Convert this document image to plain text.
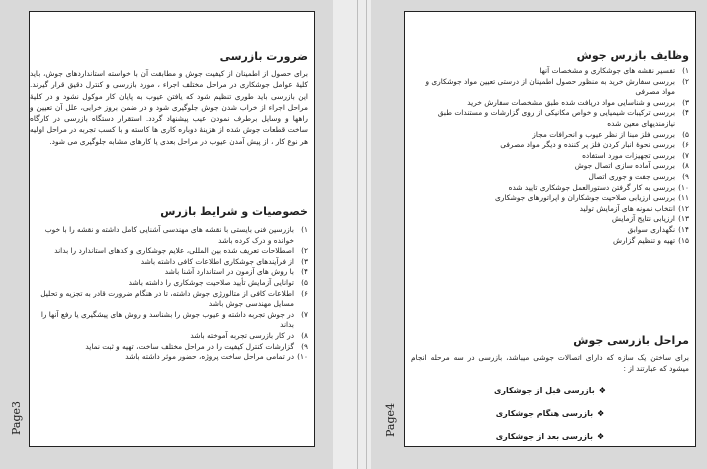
Page3
ضرورت بازرسی

برای حصول از اطمینان از کیفیت جوش و مطابقت آن با خواسته استانداردهای جوش، باید کلیهٔ عوامل جوشکاری در مراحل مختلف اجراء ، مورد بازرسی و کنترل دقیق قرار گیرند. این بازرسی باید طوری تنظیم شود که یافتن عیوب به پایان کار موکول نشود و در کلیهٔ مراحل اجراء از خراب شدن جوش جلوگیری شود و در ضمن بروز خرابی، علل آن تعیین و راهها و وسایل برطرف نمودن عیب پیشنهاد گردد. استقرار دستگاه بازرسی در کارگاه ساخت قطعات جوش شده از هزینهٔ دوباره کاری ها کاسته و با کسب تجربه در مراحل اولیه هر نوع کار ، از پیش آمدن عیوب در مراحل بعدی یا کارهای مشابه جلوگیری می شود.

خصوصیات و شرایط بازرس
۱)
بازرسین فنی بایستی با نقشه های مهندسی آشنایی کامل داشته و نقشه را با خوب خوانده و درک کرده باشد
۲)
اصطلاحات تعریف شده بین المللی، علایم جوشکاری و کدهای استاندارد را بداند
۳)
از فرآیندهای جوشکاری اطلاعات کافی داشته باشد
۴)
با روش های آزمون در استاندارد آشنا باشد
۵)
توانایی آزمایش تأیید صلاحیت جوشکاری را داشته باشد
۶)
اطلاعات کافی از متالورژی جوش داشته، تا در هنگام ضرورت قادر به تجزیه و تحلیل مسایل مهندسی جوش باشد
۷)
در جوش تجربه داشته و عیوب جوش را بشناسد و روش های پیشگیری یا رفع آنها را بداند
۸)
در کار بازرسی تجربه آموخته باشد
۹)
گزارشات کنترل کیفیت را در مراحل مختلف ساخت، تهیه و ثبت نماید
۱۰)
در تمامی مراحل ساخت پروژه، حضور موثر داشته باشد
Page4
وظایف بازرس جوش
۱)
تفسیر نقشه های جوشکاری و مشخصات آنها
۲)
بررسی سفارش خرید به منظور حصول اطمینان از درستی تعیین مواد جوشکاری و مواد مصرفی
۳)
بررسی و شناسایی مواد دریافت شده طبق مشخصات سفارش خرید
۴)
بررسی ترکیبات شیمیایی و خواص مکانیکی از روی گزارشات و مستندات طبق نیازمندیهای معین شده
۵)
بررسی فلز مبنا از نظر عیوب و انحرافات مجاز
۶)
بررسی نحوهٔ انبار کردن فلز پر کننده و دیگر مواد مصرفی
۷)
بررسی تجهیزات مورد استفاده
۸)
بررسی آماده سازی اتصال جوش
۹)
بررسی جفت و جوری اتصال
۱۰)
بررسی به کار گرفتن دستورالعمل جوشکاری تایید شده
۱۱)
بررسی ارزیابی صلاحیت جوشکاران و اپراتورهای جوشکاری
۱۲)
انتخاب نمونه های آزمایش تولید
۱۳)
ارزیابی نتایج آزمایش
۱۴)
نگهداری سوابق
۱۵)
تهیه و تنظیم گزارش
مراحل بازرسی جوش

برای ساختن یک سازه که دارای اتصالات جوشی میباشد، بازرسی در سه مرحله انجام میشود که عبارتند از :

❖بازرسی قبل از جوشکاری
❖بازرسی هنگام جوشکاری
❖بازرسی بعد از جوشکاری
